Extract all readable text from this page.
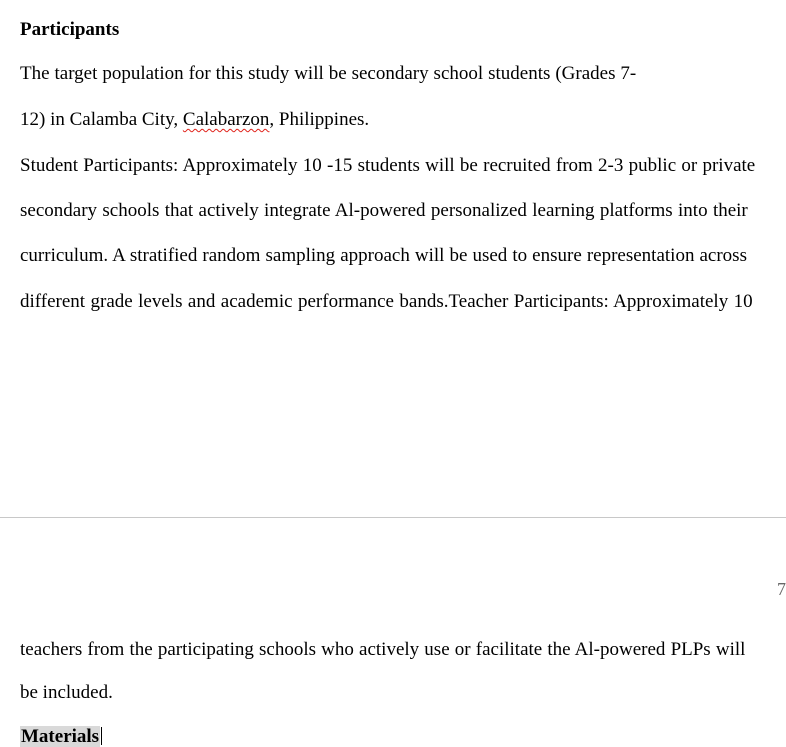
Participants
The target population for this study will be secondary school students (Grades 7-
12) in Calamba City, Calabarzon, Philippines.
Student Participants: Approximately 10 -15 students will be recruited from 2-3 public or private
secondary schools that actively integrate Al-powered personalized learning platforms into their
curriculum. A stratified random sampling approach will be used to ensure representation across
different grade levels and academic performance bands.Teacher Participants: Approximately 10
7
teachers from the participating schools who actively use or facilitate the Al-powered PLPs will
be included.
Materials
